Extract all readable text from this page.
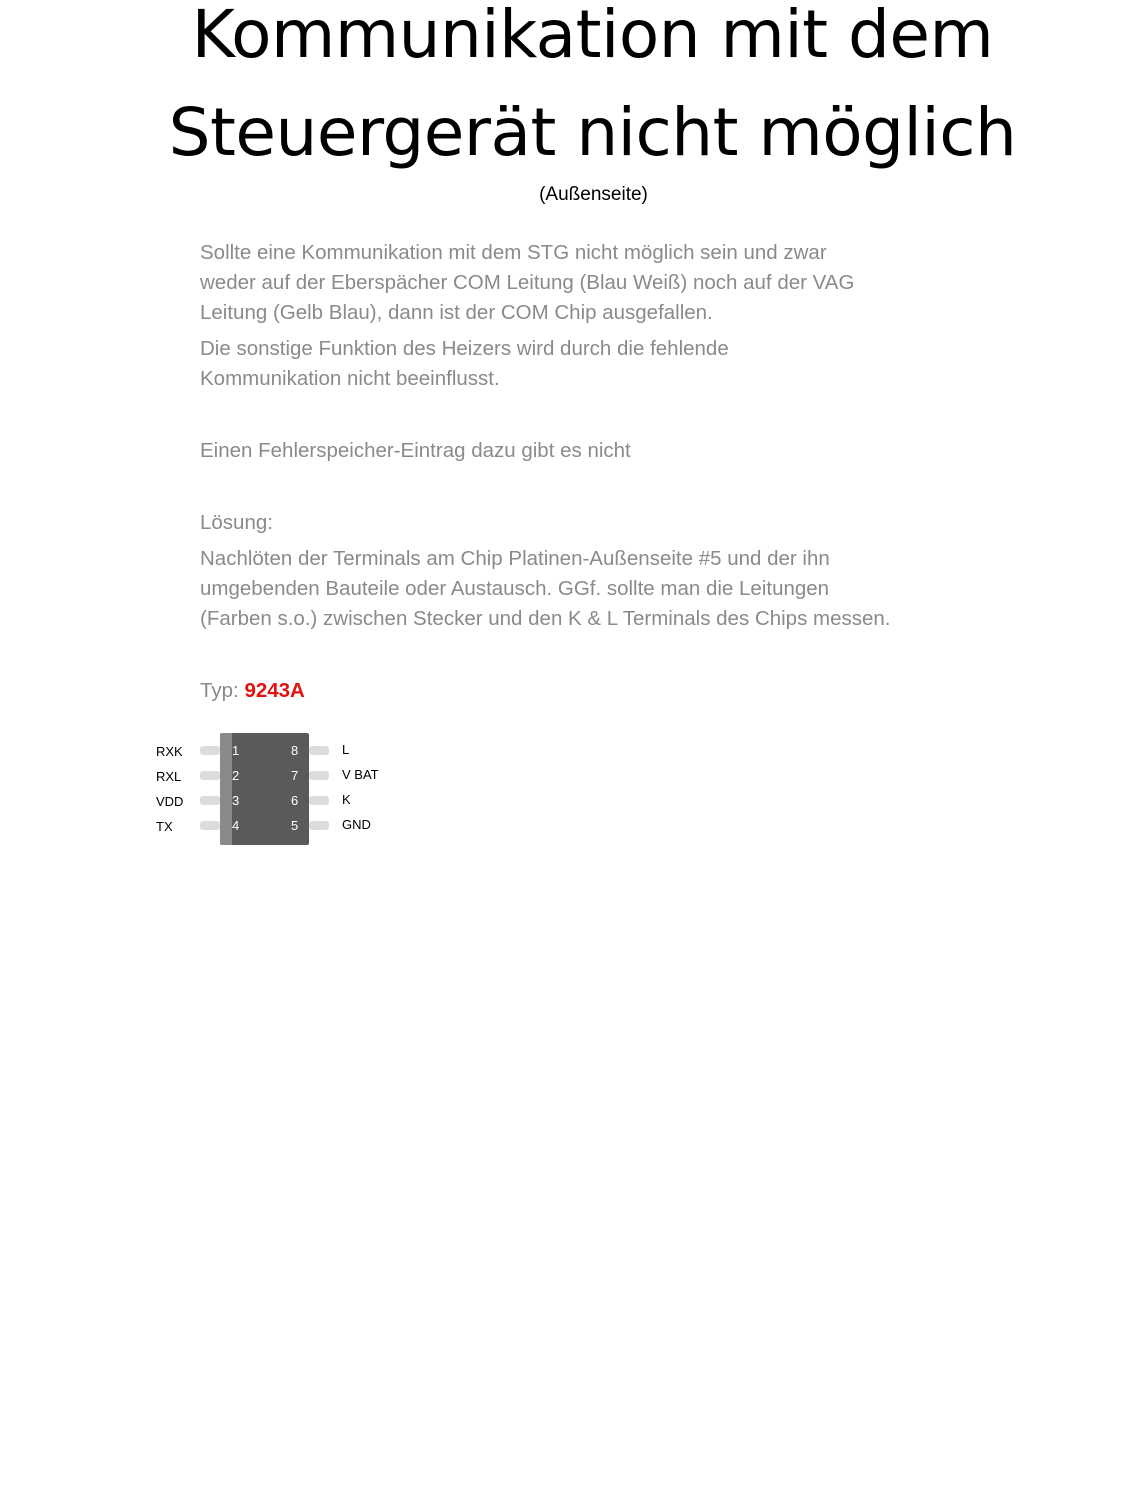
Kommunikation mit dem
Steuergerät nicht möglich
(Außenseite)

Sollte eine Kommunikation mit dem STG nicht möglich sein und zwar
weder auf der Eberspächer COM Leitung (Blau Weiß) noch auf der VAG
Leitung (Gelb Blau), dann ist der COM Chip ausgefallen.

Die sonstige Funktion des Heizers wird durch die fehlende
Kommunikation nicht beeinflusst.

Einen Fehlerspeicher-Eintrag dazu gibt es nicht

Lösung:

Nachlöten der Terminals am Chip Platinen-Außenseite #5 und der ihn
umgebenden Bauteile oder Austausch. GGf. sollte man die Leitungen
(Farben s.o.) zwischen Stecker und den K & L Terminals des Chips messen.

Typ: 9243A

RXK
RXL
VDD
TX
1
2
3
4
8
7
6
5
L
V BAT
K
GND
